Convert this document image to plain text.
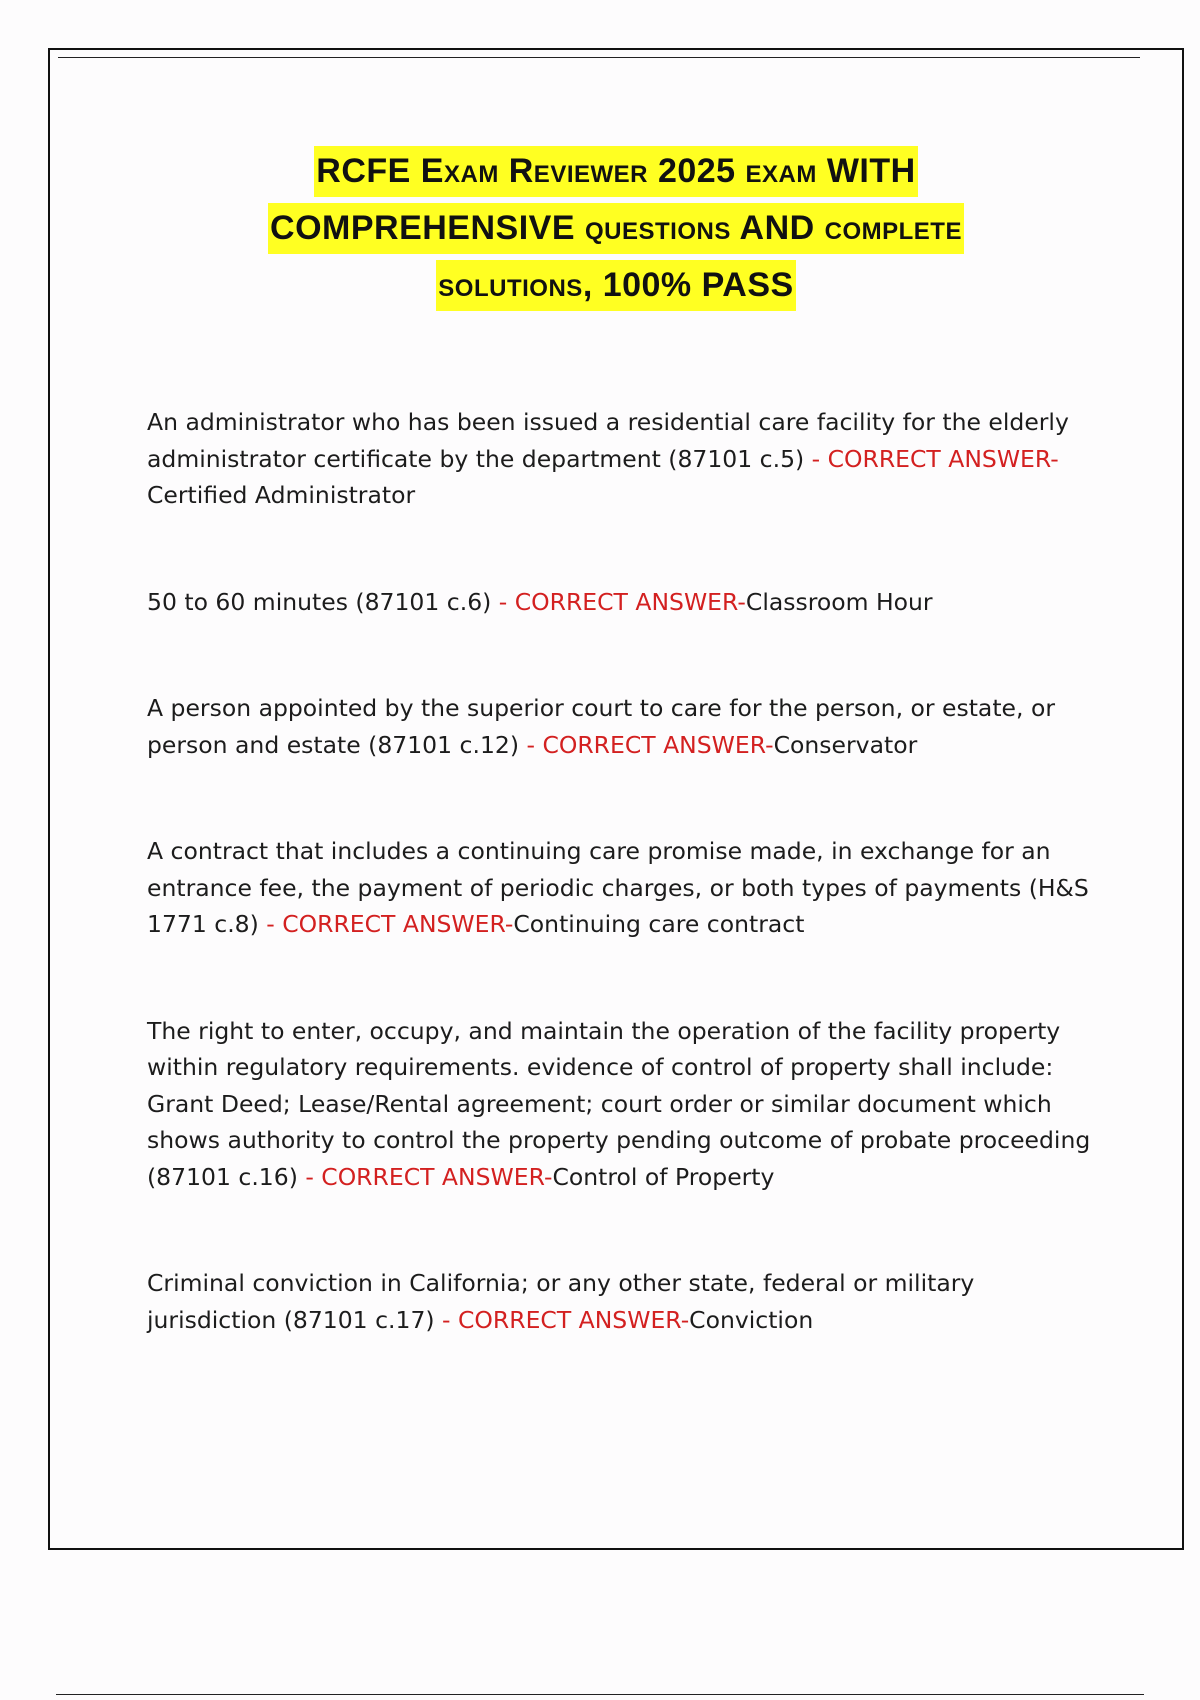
RCFE Exam Reviewer 2025 exam WITH
COMPREHENSIVE questions AND complete
solutions, 100% PASS

An administrator who has been issued a residential care facility for the elderly administrator certificate by the department (87101 c.5) - CORRECT ANSWER-Certified Administrator

50 to 60 minutes (87101 c.6) - CORRECT ANSWER-Classroom Hour

A person appointed by the superior court to care for the person, or estate, or person and estate (87101 c.12) - CORRECT ANSWER-Conservator

A contract that includes a continuing care promise made, in exchange for an entrance fee, the payment of periodic charges, or both types of payments (H&S 1771 c.8) - CORRECT ANSWER-Continuing care contract

The right to enter, occupy, and maintain the operation of the facility property within regulatory requirements. evidence of control of property shall include: Grant Deed; Lease/Rental agreement; court order or similar document which shows authority to control the property pending outcome of probate proceeding (87101 c.16) - CORRECT ANSWER-Control of Property

Criminal conviction in California; or any other state, federal or military jurisdiction (87101 c.17) - CORRECT ANSWER-Conviction
